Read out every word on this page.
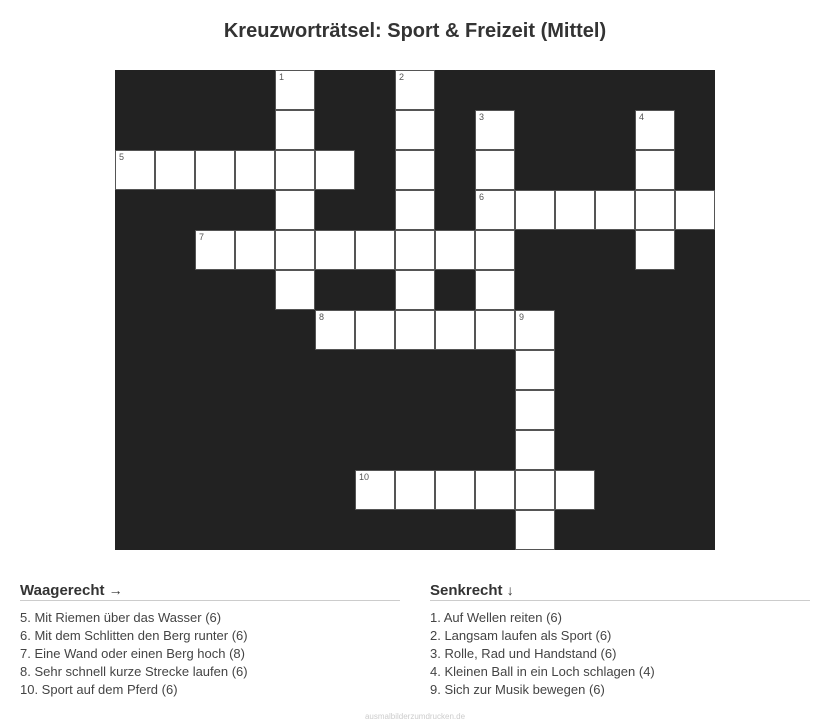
Kreuzworträtsel: Sport & Freizeit (Mittel)
1	2
3
6
4
5
7
8	9
10
Waagerecht →
5. Mit Riemen über das Wasser (6)
6. Mit dem Schlitten den Berg runter (6)
7. Eine Wand oder einen Berg hoch (8)
8. Sehr schnell kurze Strecke laufen (6)
10. Sport auf dem Pferd (6)
Senkrecht ↓
1. Auf Wellen reiten (6)
2. Langsam laufen als Sport (6)
3. Rolle, Rad und Handstand (6)
4. Kleinen Ball in ein Loch schlagen (4)
9. Sich zur Musik bewegen (6)
ausmalbilderzumdrucken.de
